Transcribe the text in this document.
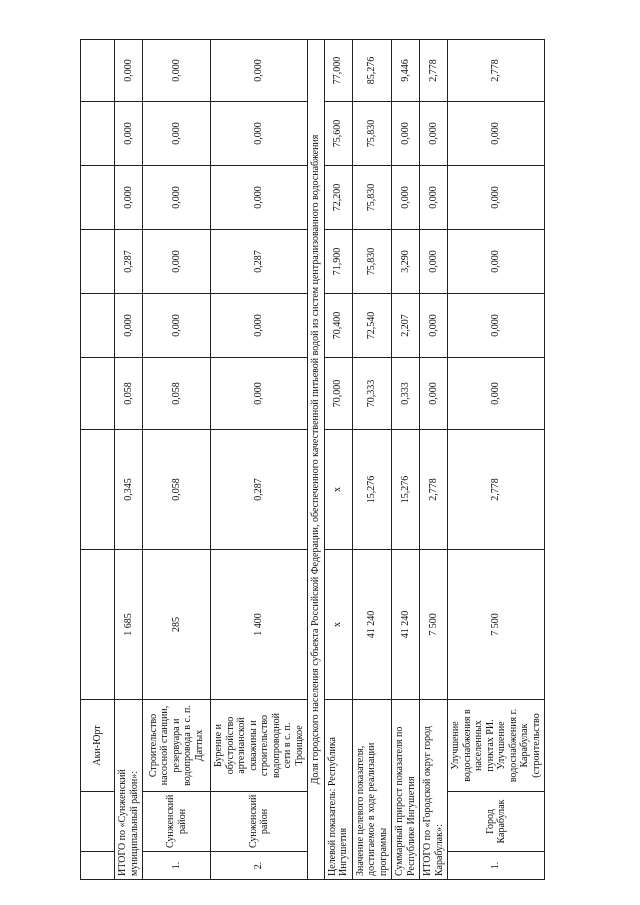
		Аки-Юрт								
ИТОГО по «Сунженский муниципальный район»:			1 685	0,345	0,058	0,000	0,287	0,000	0,000	0,000
1.	Сунженский район	Строительство насосной станции, резервуара и водопровода в с. п. Даттых	285	0,058	0,058	0,000	0,000	0,000	0,000	0,000
2.	Сунженский район	Бурение и обустройство артезианской скважины и строительство водопроводной сети в с. п. Троицкое	1 400	0,287	0,000	0,000	0,287	0,000	0,000	0,000
Доля городского населения субъекта Российской Федерации, обеспеченного качественной питьевой водой из систем централизованного водоснабжения										
Целевой показатель: Республика Ингушетия			x	x	70,000	70,400	71,900	72,200	75,600	77,000
Значение целевого показателя, достигаемое в ходе реализации программы			41 240	15,276	70,333	72,540	75,830	75,830	75,830	85,276
Суммарный прирост показателя по Республике Ингушетия			41 240	15,276	0,333	2,207	3,290	0,000	0,000	9,446
ИТОГО по «Городской округ город Карабулак»:			7 500	2,778	0,000	0,000	0,000	0,000	0,000	2,778
1.	Город Карабулак	Улучшение водоснабжения в населенных пунктах РИ. Улучшение водоснабжения г. Карабулак (строительство	7 500	2,778	0,000	0,000	0,000	0,000	0,000	2,778
